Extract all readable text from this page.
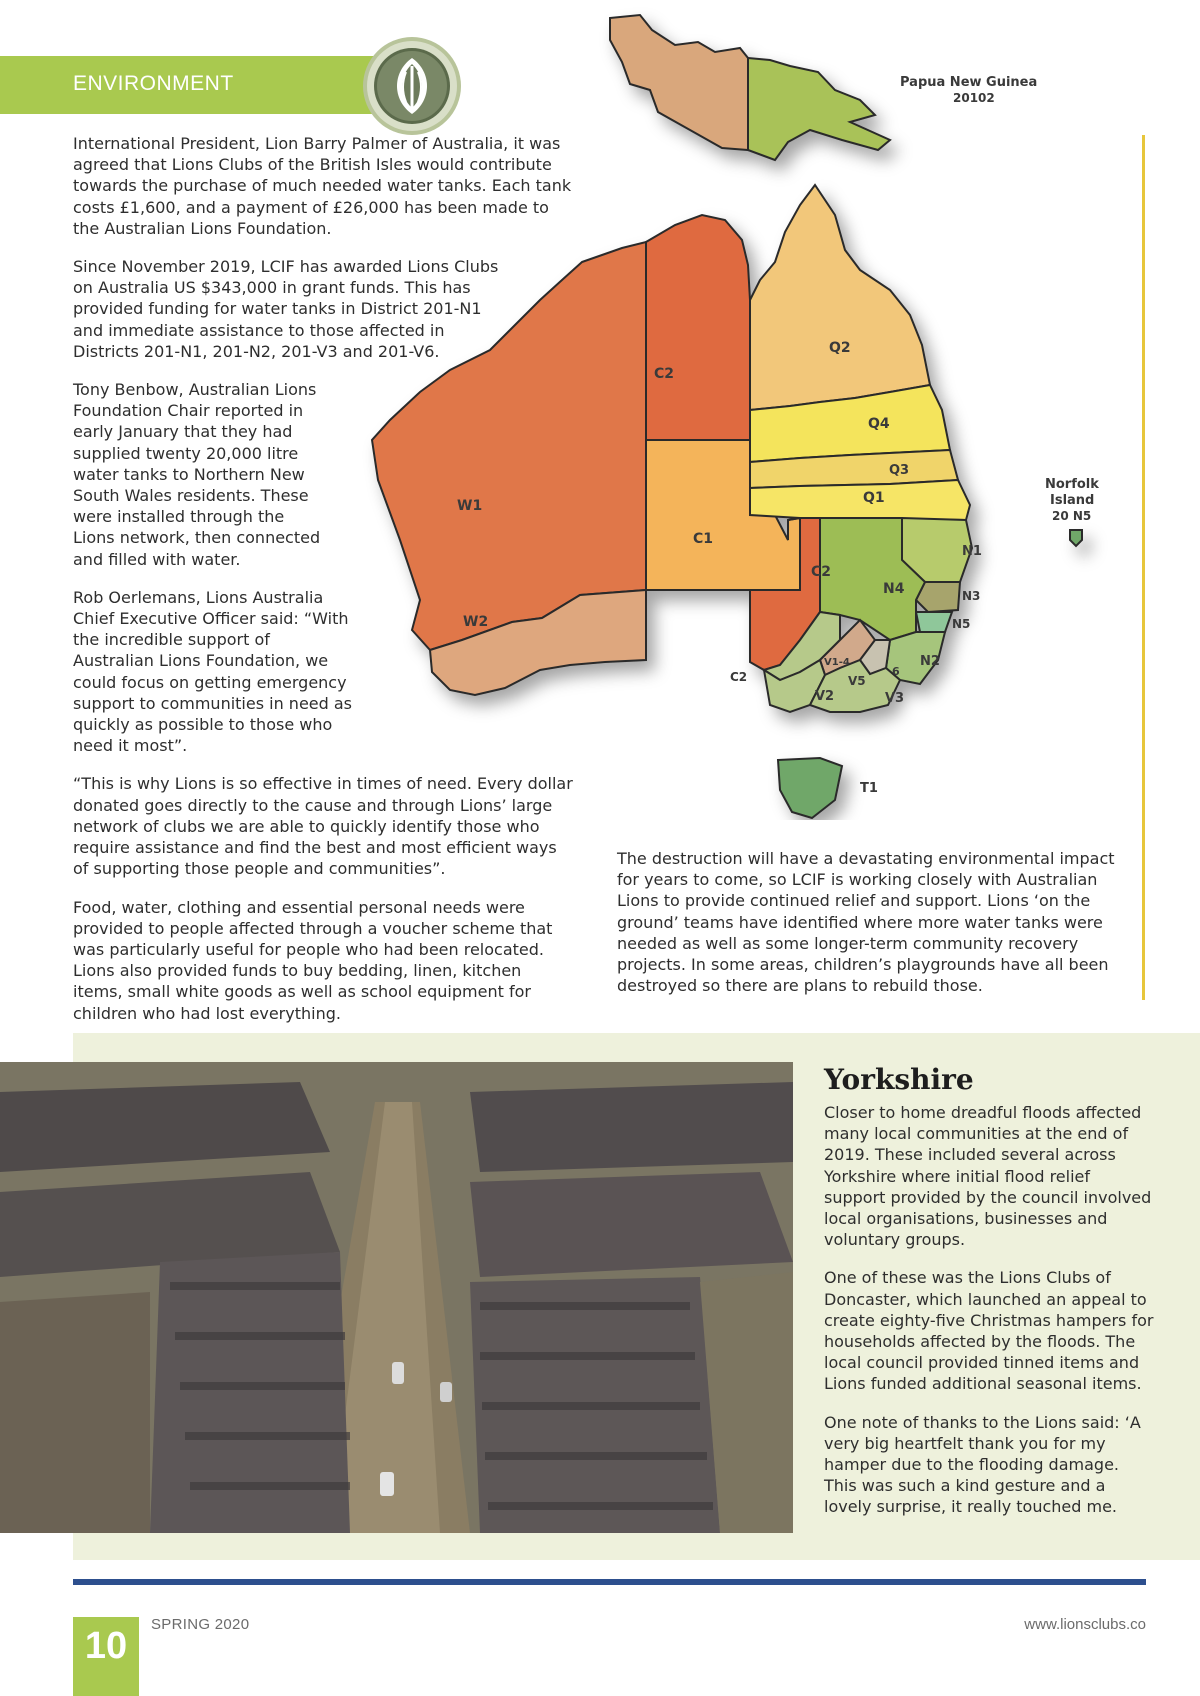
ENVIRONMENT	Papua New Guinea
20102
Norfolk
Island
20 N5
W1
W2
C1
C2
C2
C2
Q1
Q2
Q3
Q4
N1
N2
N3
N4
N5
V1-4
V2	V3
V5
6
T1

International President, Lion Barry Palmer of Australia, it was agreed that Lions Clubs of the British Isles would contribute towards the purchase of much needed water tanks. Each tank costs £1,600, and a payment of £26,000 has been made to the Australian Lions Foundation.

Since November 2019, LCIF has awarded Lions Clubs on Australia US $343,000 in grant funds. This has provided funding for water tanks in District 201-N1 and immediate assistance to those affected in Districts 201-N1, 201-N2, 201-V3 and 201-V6.

Tony Benbow, Australian Lions Foundation Chair reported in early January that they had supplied twenty 20,000 litre water tanks to Northern New South Wales residents. These were installed through the Lions network, then connected and filled with water.

Rob Oerlemans, Lions Australia Chief Executive Officer said: “With the incredible support of Australian Lions Foundation, we could focus on getting emergency support to communities in need as quickly as possible to those who need it most”.

“This is why Lions is so effective in times of need. Every dollar donated goes directly to the cause and through Lions’ large network of clubs we are able to quickly identify those who require assistance and find the best and most efficient ways of supporting those people and communities”.

Food, water, clothing and essential personal needs were provided to people affected through a voucher scheme that was particularly useful for people who had been relocated. Lions also provided funds to buy bedding, linen, kitchen items, small white goods as well as school equipment for children who had lost everything.

The destruction will have a devastating environmental impact for years to come, so LCIF is working closely with Australian Lions to provide continued relief and support. Lions ‘on the ground’ teams have identified where more water tanks were needed as well as some longer-term community recovery projects. In some areas, children’s playgrounds have all been destroyed so there are plans to rebuild those.

Yorkshire

Closer to home dreadful floods affected many local communities at the end of 2019. These included several across Yorkshire where initial flood relief support provided by the council involved local organisations, businesses and voluntary groups.

One of these was the Lions Clubs of Doncaster, which launched an appeal to create eighty-five Christmas hampers for households affected by the floods. The local council provided tinned items and Lions funded additional seasonal items.

One note of thanks to the Lions said: ‘A very big heartfelt thank you for my hamper due to the flooding damage. This was such a kind gesture and a lovely surprise, it really touched me.

10
SPRING 2020	www.lionsclubs.co
